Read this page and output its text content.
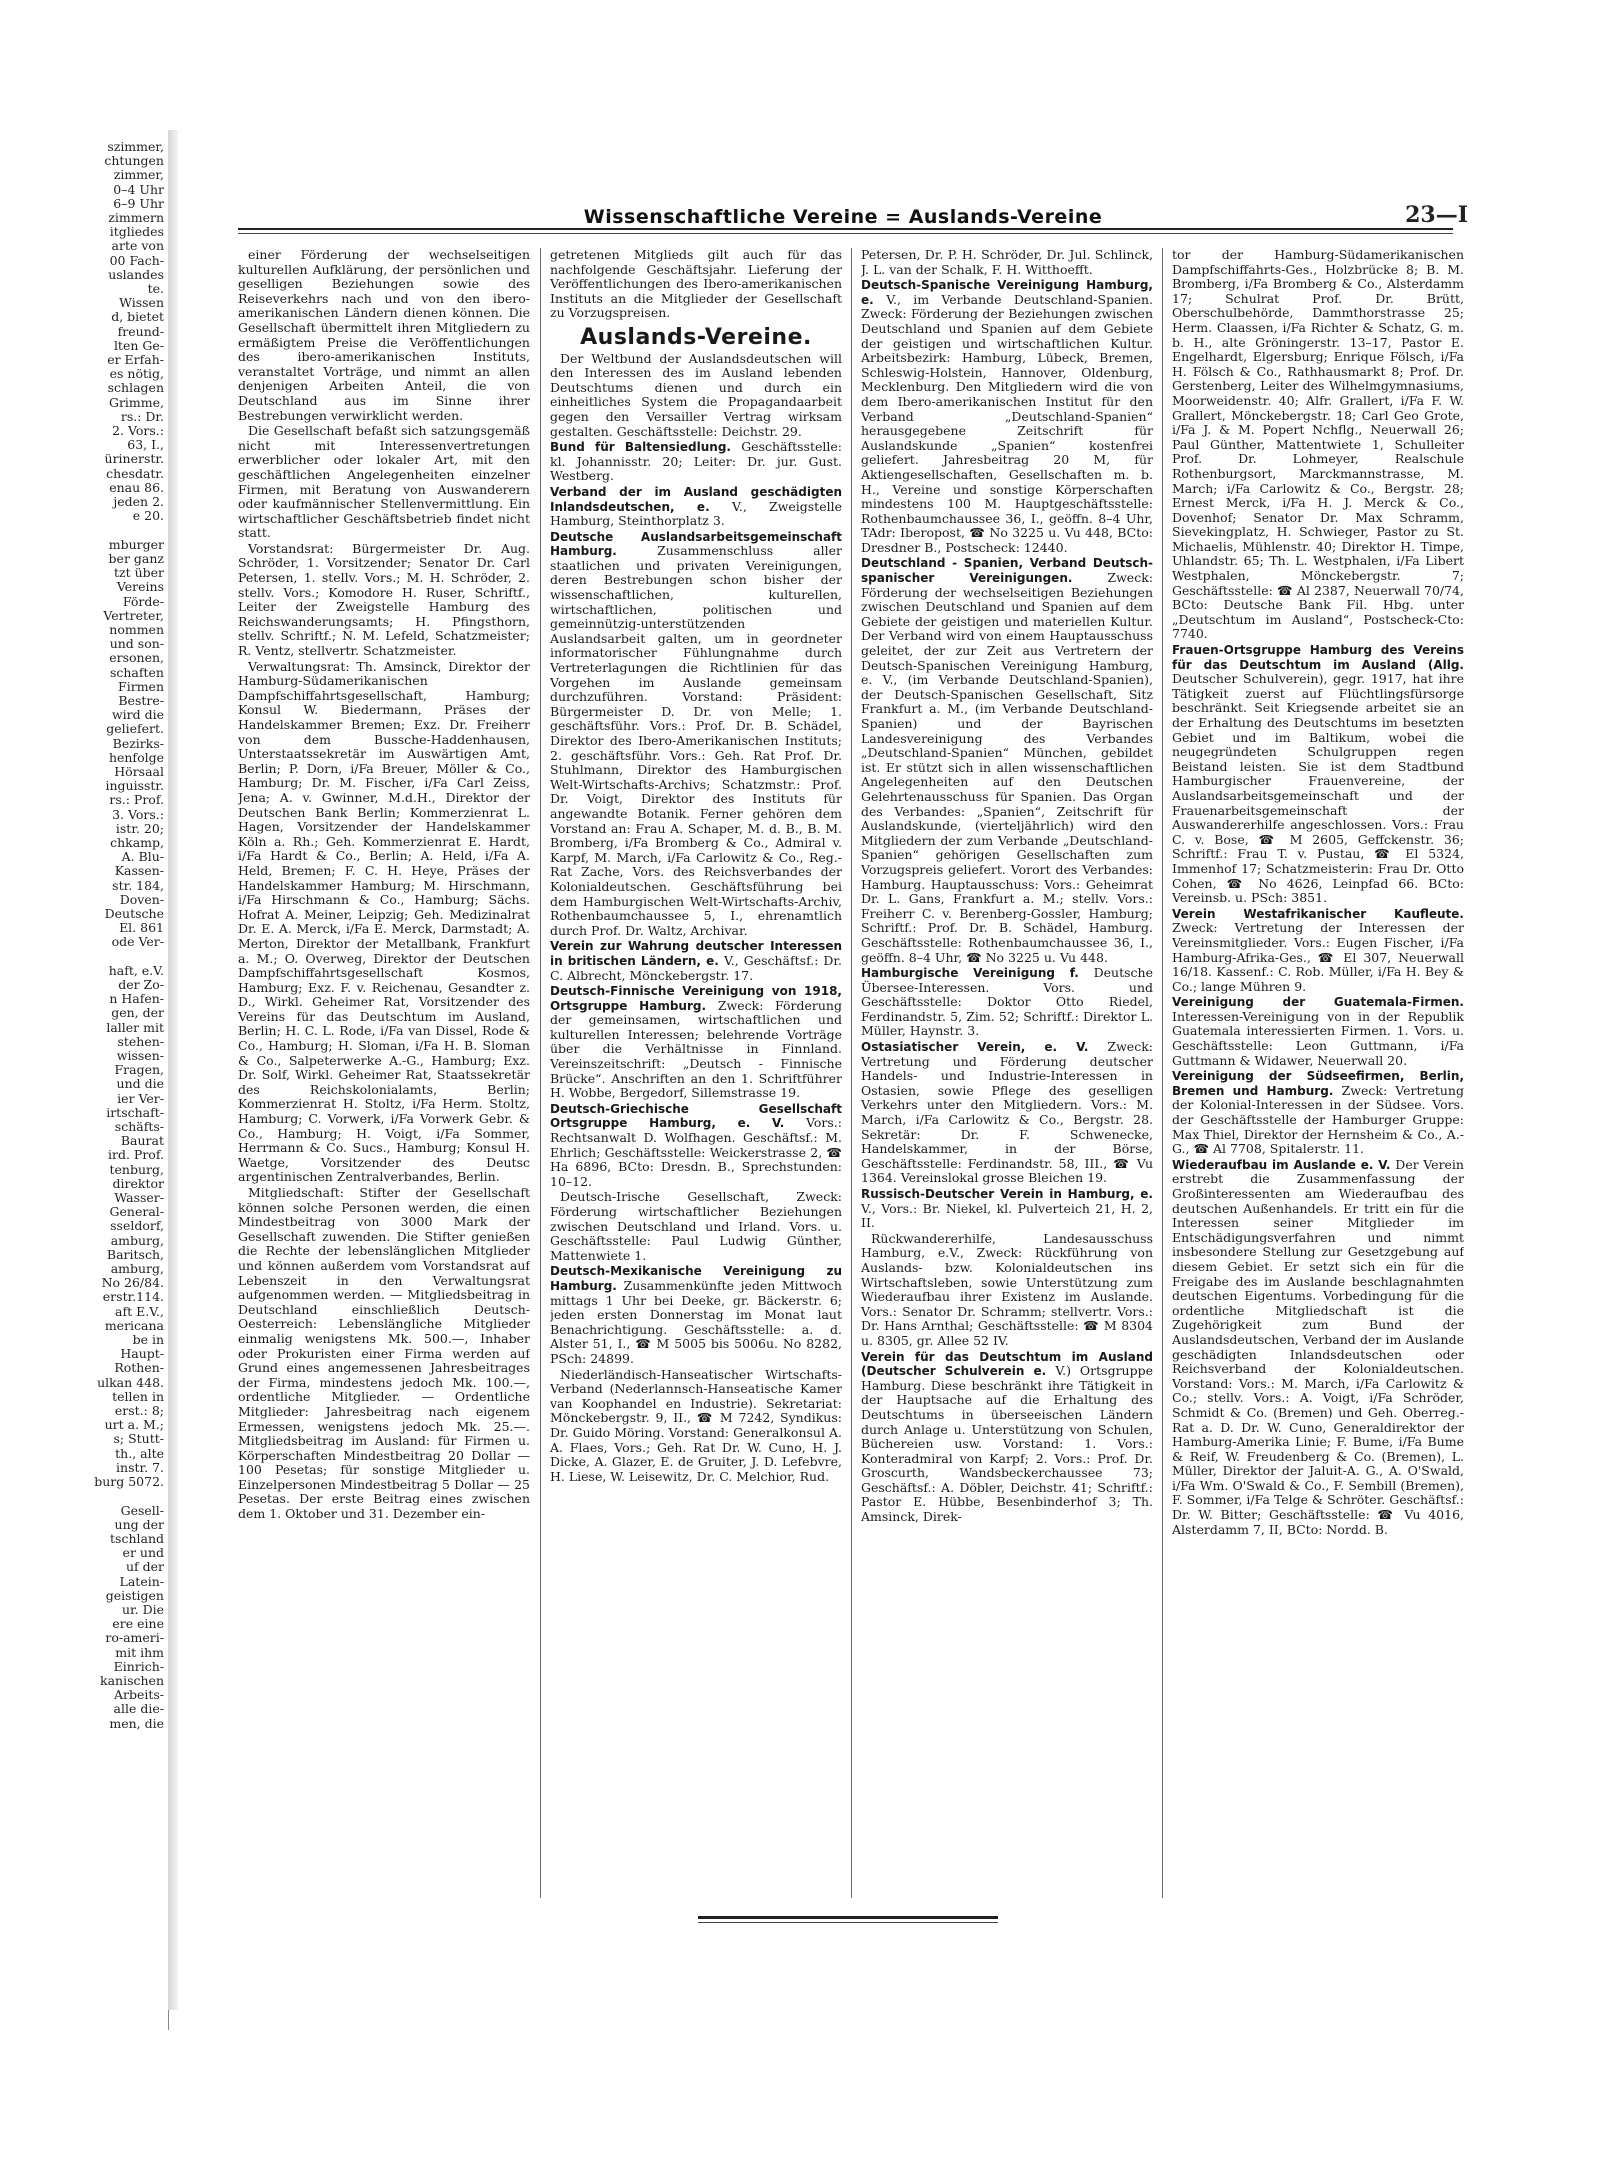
szimmer,
chtungen
zimmer,
0–4 Uhr
6–9 Uhr
zimmern
itgliedes
arte von
00 Fach-
uslandes
te.
Wissen
d, bietet
freund-
lten Ge-
er Erfah-
es nötig,
schlagen
Grimme,
rs.: Dr.
2. Vors.:
63, I.,
ürinerstr.
chesdatr.
enau 86.
jeden 2.
e 20.

mburger
ber ganz
tzt über
Vereins
Förde-
Vertreter,
nommen
und son-
ersonen,
schaften
Firmen
Bestre-
wird die
geliefert.
Bezirks-
henfolge
Hörsaal
inguisstr.
rs.: Prof.
3. Vors.:
istr. 20;
chkamp,
A. Blu-
Kassen-
str. 184,
Doven-
Deutsche
El. 861
ode Ver-

haft, e.V.
der Zo-
n Hafen-
gen, der
laller mit
stehen-
wissen-
Fragen,
und die
ier Ver-
irtschaft-
schäfts-
Baurat
ird. Prof.
tenburg,
direktor
Wasser-
General-
sseldorf,
amburg,
Baritsch,
amburg,
No 26/84.
erstr.114.
aft E.V.,
mericana
be in
Haupt-
Rothen-
ulkan 448.
tellen in
erst.: 8;
urt a. M.;
s; Stutt-
th., alte
instr. 7.
burg 5072.

Gesell-
ung der
tschland
er und
uf der
Latein-
geistigen
ur. Die
ere eine
ro-ameri-
mit ihm
Einrich-
kanischen
Arbeits-
alle die-
men, die
Wissenschaftliche Vereine = Auslands-Vereine	23—I

einer Förderung der wechselseitigen kulturellen Aufklärung, der persönlichen und geselligen Beziehungen sowie des Reiseverkehrs nach und von den ibero-amerikanischen Ländern dienen können. Die Gesellschaft übermittelt ihren Mitgliedern zu ermäßigtem Preise die Veröffentlichungen des ibero-amerikanischen Instituts, veranstaltet Vorträge, und nimmt an allen denjenigen Arbeiten Anteil, die von Deutschland aus im Sinne ihrer Bestrebungen verwirklicht werden.

Die Gesellschaft befaßt sich satzungsgemäß nicht mit Interessenvertretungen erwerblicher oder lokaler Art, mit den geschäftlichen Angelegenheiten einzelner Firmen, mit Beratung von Auswanderern oder kaufmännischer Stellenvermittlung. Ein wirtschaftlicher Geschäftsbetrieb findet nicht statt.

Vorstandsrat: Bürgermeister Dr. Aug. Schröder, 1. Vorsitzender; Senator Dr. Carl Petersen, 1. stellv. Vors.; M. H. Schröder, 2. stellv. Vors.; Komodore H. Ruser, Schriftf., Leiter der Zweigstelle Hamburg des Reichswanderungsamts; H. Pfingsthorn, stellv. Schriftf.; N. M. Lefeld, Schatzmeister; R. Ventz, stellvertr. Schatzmeister.

Verwaltungsrat: Th. Amsinck, Direktor der Hamburg-Südamerikanischen Dampfschiffahrtsgesellschaft, Hamburg; Konsul W. Biedermann, Präses der Handelskammer Bremen; Exz. Dr. Freiherr von dem Bussche-Haddenhausen, Unterstaatssekretär im Auswärtigen Amt, Berlin; P. Dorn, i/Fa Breuer, Möller & Co., Hamburg; Dr. M. Fischer, i/Fa Carl Zeiss, Jena; A. v. Gwinner, M.d.H., Direktor der Deutschen Bank Berlin; Kommerzienrat L. Hagen, Vorsitzender der Handelskammer Köln a. Rh.; Geh. Kommerzienrat E. Hardt, i/Fa Hardt & Co., Berlin; A. Held, i/Fa A. Held, Bremen; F. C. H. Heye, Präses der Handelskammer Hamburg; M. Hirschmann, i/Fa Hirschmann & Co., Hamburg; Sächs. Hofrat A. Meiner, Leipzig; Geh. Medizinalrat Dr. E. A. Merck, i/Fa E. Merck, Darmstadt; A. Merton, Direktor der Metallbank, Frankfurt a. M.; O. Overweg, Direktor der Deutschen Dampfschiffahrtsgesellschaft Kosmos, Hamburg; Exz. F. v. Reichenau, Gesandter z. D., Wirkl. Geheimer Rat, Vorsitzender des Vereins für das Deutschtum im Ausland, Berlin; H. C. L. Rode, i/Fa van Dissel, Rode & Co., Hamburg; H. Sloman, i/Fa H. B. Sloman & Co., Salpeterwerke A.-G., Hamburg; Exz. Dr. Solf, Wirkl. Geheimer Rat, Staatssekretär des Reichskolonialamts, Berlin; Kommerzienrat H. Stoltz, i/Fa Herm. Stoltz, Hamburg; C. Vorwerk, i/Fa Vorwerk Gebr. & Co., Hamburg; H. Voigt, i/Fa Sommer, Herrmann & Co. Sucs., Hamburg; Konsul H. Waetge, Vorsitzender des Deutsc argentinischen Zentralverbandes, Berlin.

Mitgliedschaft: Stifter der Gesellschaft können solche Personen werden, die einen Mindestbeitrag von 3000 Mark der Gesellschaft zuwenden. Die Stifter genießen die Rechte der lebenslänglichen Mitglieder und können außerdem vom Vorstandsrat auf Lebenszeit in den Verwaltungsrat aufgenommen werden. — Mitgliedsbeitrag in Deutschland einschließlich Deutsch-Oesterreich: Lebenslängliche Mitglieder einmalig wenigstens Mk. 500.—, Inhaber oder Prokuristen einer Firma werden auf Grund eines angemessenen Jahresbeitrages der Firma, mindestens jedoch Mk. 100.—, ordentliche Mitglieder. — Ordentliche Mitglieder: Jahresbeitrag nach eigenem Ermessen, wenigstens jedoch Mk. 25.—. Mitgliedsbeitrag im Ausland: für Firmen u. Körperschaften Mindestbeitrag 20 Dollar — 100 Pesetas; für sonstige Mitglieder u. Einzelpersonen Mindestbeitrag 5 Dollar — 25 Pesetas. Der erste Beitrag eines zwischen dem 1. Oktober und 31. Dezember ein-

getretenen Mitglieds gilt auch für das nachfolgende Geschäftsjahr. Lieferung der Veröffentlichungen des Ibero-amerikanischen Instituts an die Mitglieder der Gesellschaft zu Vorzugspreisen.

Auslands-Vereine.

Der Weltbund der Auslandsdeutschen will den Interessen des im Ausland lebenden Deutschtums dienen und durch ein einheitliches System die Propagandaarbeit gegen den Versailler Vertrag wirksam gestalten. Geschäftsstelle: Deichstr. 29.

Bund für Baltensiedlung. Geschäftsstelle: kl. Johannisstr. 20; Leiter: Dr. jur. Gust. Westberg.

Verband der im Ausland geschädigten Inlandsdeutschen, e. V., Zweigstelle Hamburg, Steinthorplatz 3.

Deutsche Auslandsarbeitsgemeinschaft Hamburg. Zusammenschluss aller staatlichen und privaten Vereinigungen, deren Bestrebungen schon bisher der wissenschaftlichen, kulturellen, wirtschaftlichen, politischen und gemeinnützig-unterstützenden Auslandsarbeit galten, um in geordneter informatorischer Fühlungnahme durch Vertreterlagungen die Richtlinien für das Vorgehen im Auslande gemeinsam durchzuführen. Vorstand: Präsident: Bürgermeister D. Dr. von Melle; 1. geschäftsführ. Vors.: Prof. Dr. B. Schädel, Direktor des Ibero-Amerikanischen Instituts; 2. geschäftsführ. Vors.: Geh. Rat Prof. Dr. Stuhlmann, Direktor des Hamburgischen Welt-Wirtschafts-Archivs; Schatzmstr.: Prof. Dr. Voigt, Direktor des Instituts für angewandte Botanik. Ferner gehören dem Vorstand an: Frau A. Schaper, M. d. B., B. M. Bromberg, i/Fa Bromberg & Co., Admiral v. Karpf, M. March, i/Fa Carlowitz & Co., Reg.-Rat Zache, Vors. des Reichsverbandes der Kolonialdeutschen. Geschäftsführung bei dem Hamburgischen Welt-Wirtschafts-Archiv, Rothenbaumchaussee 5, I., ehrenamtlich durch Prof. Dr. Waltz, Archivar.

Verein zur Wahrung deutscher Interessen in britischen Ländern, e. V., Geschäftsf.: Dr. C. Albrecht, Mönckebergstr. 17.

Deutsch-Finnische Vereinigung von 1918, Ortsgruppe Hamburg. Zweck: Förderung der gemeinsamen, wirtschaftlichen und kulturellen Interessen; belehrende Vorträge über die Verhältnisse in Finnland. Vereinszeitschrift: „Deutsch - Finnische Brücke“. Anschriften an den 1. Schriftführer H. Wobbe, Bergedorf, Sillemstrasse 19.

Deutsch-Griechische Gesellschaft Ortsgruppe Hamburg, e. V. Vors.: Rechtsanwalt D. Wolfhagen. Geschäftsf.: M. Ehrlich; Geschäftsstelle: Weickerstrasse 2, ☎ Ha 6896, BCto: Dresdn. B., Sprechstunden: 10–12.

Deutsch-Irische Gesellschaft, Zweck: Förderung wirtschaftlicher Beziehungen zwischen Deutschland und Irland. Vors. u. Geschäftsstelle: Paul Ludwig Günther, Mattenwiete 1.

Deutsch-Mexikanische Vereinigung zu Hamburg. Zusammenkünfte jeden Mittwoch mittags 1 Uhr bei Deeke, gr. Bäckerstr. 6; jeden ersten Donnerstag im Monat laut Benachrichtigung. Geschäftsstelle: a. d. Alster 51, I., ☎ M 5005 bis 5006u. No 8282, PSch: 24899.

Niederländisch-Hanseatischer Wirtschafts-Verband (Nederlannsch-Hanseatische Kamer van Koophandel en Industrie). Sekretariat: Mönckebergstr. 9, II., ☎ M 7242, Syndikus: Dr. Guido Möring. Vorstand: Generalkonsul A. A. Flaes, Vors.; Geh. Rat Dr. W. Cuno, H. J. Dicke, A. Glazer, E. de Gruiter, J. D. Lefebvre, H. Liese, W. Leisewitz, Dr. C. Melchior, Rud.

Petersen, Dr. P. H. Schröder, Dr. Jul. Schlinck, J. L. van der Schalk, F. H. Witthoefft.

Deutsch-Spanische Vereinigung Hamburg, e. V., im Verbande Deutschland-Spanien. Zweck: Förderung der Beziehungen zwischen Deutschland und Spanien auf dem Gebiete der geistigen und wirtschaftlichen Kultur. Arbeitsbezirk: Hamburg, Lübeck, Bremen, Schleswig-Holstein, Hannover, Oldenburg, Mecklenburg. Den Mitgliedern wird die von dem Ibero-amerikanischen Institut für den Verband „Deutschland-Spanien“ herausgegebene Zeitschrift für Auslandskunde „Spanien“ kostenfrei geliefert. Jahresbeitrag 20 M, für Aktiengesellschaften, Gesellschaften m. b. H., Vereine und sonstige Körperschaften mindestens 100 M. Hauptgeschäftsstelle: Rothenbaumchaussee 36, I., geöffn. 8–4 Uhr, TAdr: Iberopost, ☎ No 3225 u. Vu 448, BCto: Dresdner B., Postscheck: 12440.

Deutschland - Spanien, Verband Deutsch-spanischer Vereinigungen. Zweck: Förderung der wechselseitigen Beziehungen zwischen Deutschland und Spanien auf dem Gebiete der geistigen und materiellen Kultur. Der Verband wird von einem Hauptausschuss geleitet, der zur Zeit aus Vertretern der Deutsch-Spanischen Vereinigung Hamburg, e. V., (im Verbande Deutschland-Spanien), der Deutsch-Spanischen Gesellschaft, Sitz Frankfurt a. M., (im Verbande Deutschland-Spanien) und der Bayrischen Landesvereinigung des Verbandes „Deutschland-Spanien“ München, gebildet ist. Er stützt sich in allen wissenschaftlichen Angelegenheiten auf den Deutschen Gelehrtenausschuss für Spanien. Das Organ des Verbandes: „Spanien“, Zeitschrift für Auslandskunde, (vierteljährlich) wird den Mitgliedern der zum Verbande „Deutschland-Spanien“ gehörigen Gesellschaften zum Vorzugspreis geliefert. Vorort des Verbandes: Hamburg. Hauptausschuss: Vors.: Geheimrat Dr. L. Gans, Frankfurt a. M.; stellv. Vors.: Freiherr C. v. Berenberg-Gossler, Hamburg; Schriftf.: Prof. Dr. B. Schädel, Hamburg. Geschäftsstelle: Rothenbaumchaussee 36, I., geöffn. 8–4 Uhr, ☎ No 3225 u. Vu 448.

Hamburgische Vereinigung f. Deutsche Übersee-Interessen. Vors. und Geschäftsstelle: Doktor Otto Riedel, Ferdinandstr. 5, Zim. 52; Schriftf.: Direktor L. Müller, Haynstr. 3.

Ostasiatischer Verein, e. V. Zweck: Vertretung und Förderung deutscher Handels- und Industrie-Interessen in Ostasien, sowie Pflege des geselligen Verkehrs unter den Mitgliedern. Vors.: M. March, i/Fa Carlowitz & Co., Bergstr. 28. Sekretär: Dr. F. Schwenecke, Handelskammer, in der Börse, Geschäftsstelle: Ferdinandstr. 58, III., ☎ Vu 1364. Vereinslokal grosse Bleichen 19.

Russisch-Deutscher Verein in Hamburg, e. V., Vors.: Br. Niekel, kl. Pulverteich 21, H. 2, II.

Rückwandererhilfe, Landesausschuss Hamburg, e.V., Zweck: Rückführung von Auslands- bzw. Kolonialdeutschen ins Wirtschaftsleben, sowie Unterstützung zum Wiederaufbau ihrer Existenz im Auslande. Vors.: Senator Dr. Schramm; stellvertr. Vors.: Dr. Hans Arnthal; Geschäftsstelle: ☎ M 8304 u. 8305, gr. Allee 52 IV.

Verein für das Deutschtum im Ausland (Deutscher Schulverein e. V.) Ortsgruppe Hamburg. Diese beschränkt ihre Tätigkeit in der Hauptsache auf die Erhaltung des Deutschtums in überseeischen Ländern durch Anlage u. Unterstützung von Schulen, Büchereien usw. Vorstand: 1. Vors.: Konteradmiral von Karpf; 2. Vors.: Prof. Dr. Groscurth, Wandsbeckerchaussee 73; Geschäftsf.: A. Döbler, Deichstr. 41; Schriftf.: Pastor E. Hübbe, Besenbinderhof 3; Th. Amsinck, Direk-

tor der Hamburg-Südamerikanischen Dampfschiffahrts-Ges., Holzbrücke 8; B. M. Bromberg, i/Fa Bromberg & Co., Alsterdamm 17; Schulrat Prof. Dr. Brütt, Oberschulbehörde, Dammthorstrasse 25; Herm. Claassen, i/Fa Richter & Schatz, G. m. b. H., alte Gröningerstr. 13–17, Pastor E. Engelhardt, Elgersburg; Enrique Fölsch, i/Fa H. Fölsch & Co., Rathhausmarkt 8; Prof. Dr. Gerstenberg, Leiter des Wilhelmgymnasiums, Moorweidenstr. 40; Alfr. Grallert, i/Fa F. W. Grallert, Mönckebergstr. 18; Carl Geo Grote, i/Fa J. & M. Popert Nchflg., Neuerwall 26; Paul Günther, Mattentwiete 1, Schulleiter Prof. Dr. Lohmeyer, Realschule Rothenburgsort, Marckmannstrasse, M. March; i/Fa Carlowitz & Co., Bergstr. 28; Ernest Merck, i/Fa H. J. Merck & Co., Dovenhof; Senator Dr. Max Schramm, Sievekingplatz, H. Schwieger, Pastor zu St. Michaelis, Mühlenstr. 40; Direktor H. Timpe, Uhlandstr. 65; Th. L. Westphalen, i/Fa Libert Westphalen, Mönckebergstr. 7; Geschäftsstelle: ☎ Al 2387, Neuerwall 70/74, BCto: Deutsche Bank Fil. Hbg. unter „Deutschtum im Ausland“, Postscheck-Cto: 7740.

Frauen-Ortsgruppe Hamburg des Vereins für das Deutschtum im Ausland (Allg. Deutscher Schulverein), gegr. 1917, hat ihre Tätigkeit zuerst auf Flüchtlingsfürsorge beschränkt. Seit Kriegsende arbeitet sie an der Erhaltung des Deutschtums im besetzten Gebiet und im Baltikum, wobei die neugegründeten Schulgruppen regen Beistand leisten. Sie ist dem Stadtbund Hamburgischer Frauenvereine, der Auslandsarbeitsgemeinschaft und der Frauenarbeitsgemeinschaft der Auswandererhilfe angeschlossen. Vors.: Frau C. v. Bose, ☎ M 2605, Geffckenstr. 36; Schriftf.: Frau T. v. Pustau, ☎ El 5324, Immenhof 17; Schatzmeisterin: Frau Dr. Otto Cohen, ☎ No 4626, Leinpfad 66. BCto: Vereinsb. u. PSch: 3851.

Verein Westafrikanischer Kaufleute. Zweck: Vertretung der Interessen der Vereinsmitglieder. Vors.: Eugen Fischer, i/Fa Hamburg-Afrika-Ges., ☎ El 307, Neuerwall 16/18. Kassenf.: C. Rob. Müller, i/Fa H. Bey & Co.; lange Mühren 9.

Vereinigung der Guatemala-Firmen. Interessen-Vereinigung von in der Republik Guatemala interessierten Firmen. 1. Vors. u. Geschäftsstelle: Leon Guttmann, i/Fa Guttmann & Widawer, Neuerwall 20.

Vereinigung der Südseefirmen, Berlin, Bremen und Hamburg. Zweck: Vertretung der Kolonial-Interessen in der Südsee. Vors. der Geschäftsstelle der Hamburger Gruppe: Max Thiel, Direktor der Hernsheim & Co., A.-G., ☎ Al 7708, Spitalerstr. 11.

Wiederaufbau im Auslande e. V. Der Verein erstrebt die Zusammenfassung der Großinteressenten am Wiederaufbau des deutschen Außenhandels. Er tritt ein für die Interessen seiner Mitglieder im Entschädigungsverfahren und nimmt insbesondere Stellung zur Gesetzgebung auf diesem Gebiet. Er setzt sich ein für die Freigabe des im Auslande beschlagnahmten deutschen Eigentums. Vorbedingung für die ordentliche Mitgliedschaft ist die Zugehörigkeit zum Bund der Auslandsdeutschen, Verband der im Auslande geschädigten Inlandsdeutschen oder Reichsverband der Kolonialdeutschen. Vorstand: Vors.: M. March, i/Fa Carlowitz & Co.; stellv. Vors.: A. Voigt, i/Fa Schröder, Schmidt & Co. (Bremen) und Geh. Oberreg.-Rat a. D. Dr. W. Cuno, Generaldirektor der Hamburg-Amerika Linie; F. Bume, i/Fa Bume & Reif, W. Freudenberg & Co. (Bremen), L. Müller, Direktor der Jaluit-A. G., A. O'Swald, i/Fa Wm. O'Swald & Co., F. Sembill (Bremen), F. Sommer, i/Fa Telge & Schröter. Geschäftsf.: Dr. W. Bitter; Geschäftsstelle: ☎ Vu 4016, Alsterdamm 7, II, BCto: Nordd. B.
